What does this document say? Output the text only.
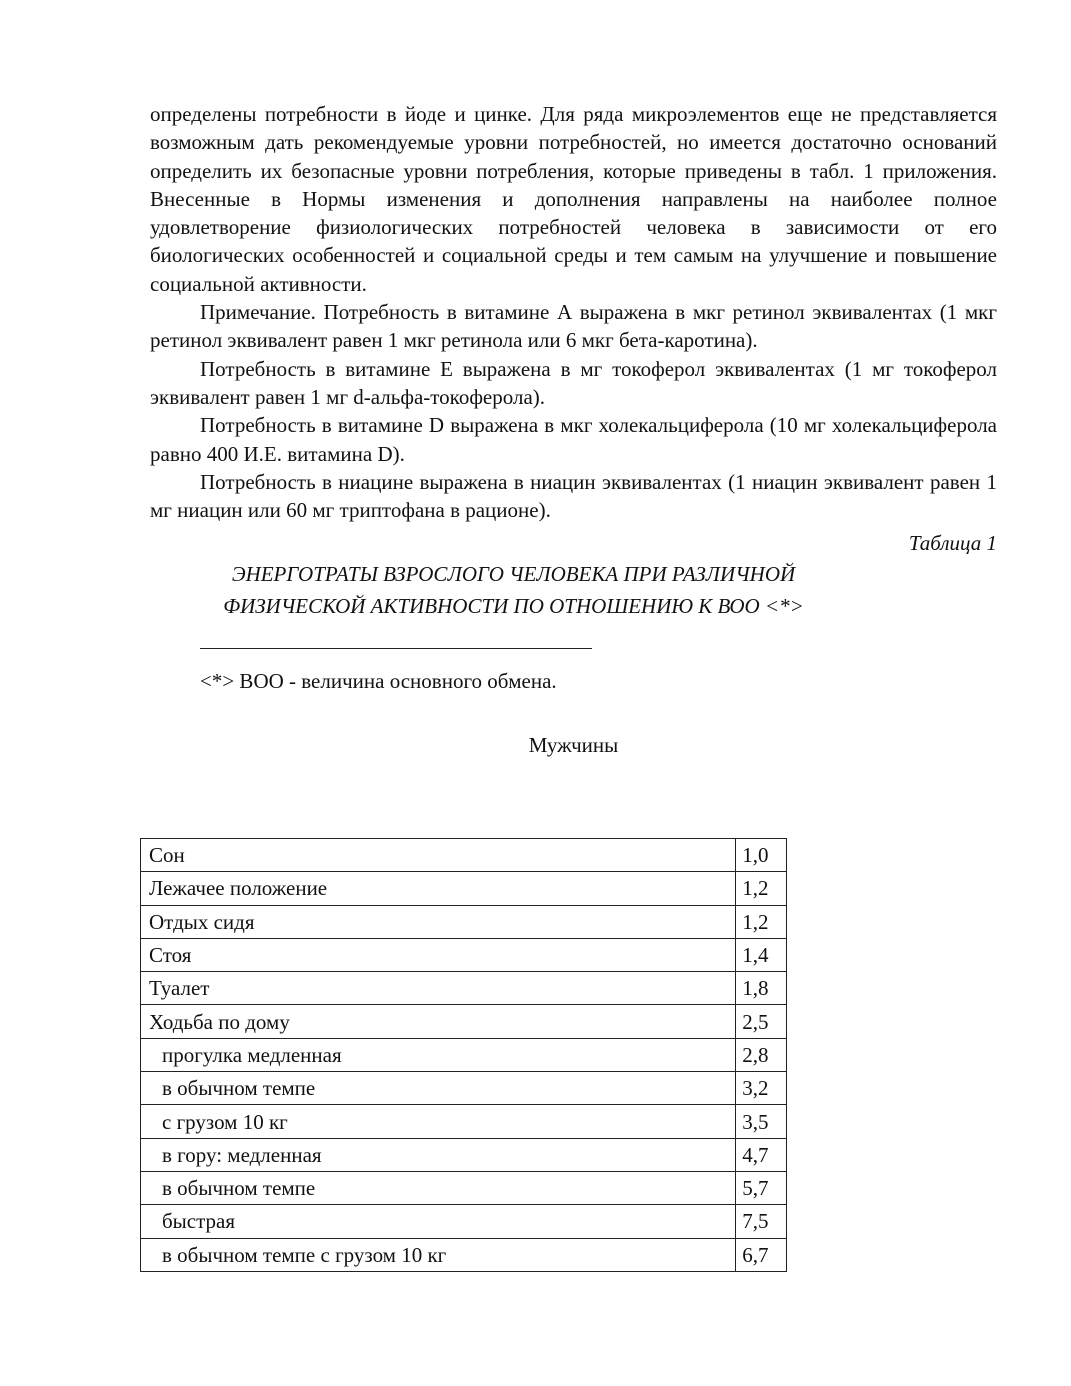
определены потребности в йоде и цинке. Для ряда микроэлементов еще не представляется возможным дать рекомендуемые уровни потребностей, но имеется достаточно оснований определить их безопасные уровни потребления, которые приведены в табл. 1 приложения. Внесенные в Нормы изменения и дополнения направлены на наиболее полное удовлетворение физиологических потребностей человека в зависимости от его биологических особенностей и социальной среды и тем самым на улучшение и повышение социальной активности.

Примечание. Потребность в витамине А выражена в мкг ретинол эквивалентах (1 мкг ретинол эквивалент равен 1 мкг ретинола или 6 мкг бета-каротина).

Потребность в витамине Е выражена в мг токоферол эквивалентах (1 мг токоферол эквивалент равен 1 мг d-альфа-токоферола).

Потребность в витамине D выражена в мкг холекальциферола (10 мг холекальциферола равно 400 И.Е. витамина D).

Потребность в ниацине выражена в ниацин эквивалентах (1 ниацин эквивалент равен 1 мг ниацин или 60 мг триптофана в рационе).

Таблица 1

ЭНЕРГОТРАТЫ ВЗРОСЛОГО ЧЕЛОВЕКА ПРИ РАЗЛИЧНОЙ

ФИЗИЧЕСКОЙ АКТИВНОСТИ ПО ОТНОШЕНИЮ К ВОО <*>

<*> ВОО - величина основного обмена.

Мужчины

Сон	1,0
Лежачее положение	1,2
Отдых сидя	1,2
Стоя	1,4
Туалет	1,8
Ходьба по дому	2,5
прогулка медленная	2,8
в обычном темпе	3,2
с грузом 10 кг	3,5
в гору: медленная	4,7
в обычном темпе	5,7
быстрая	7,5
в обычном темпе с грузом 10 кг	6,7
